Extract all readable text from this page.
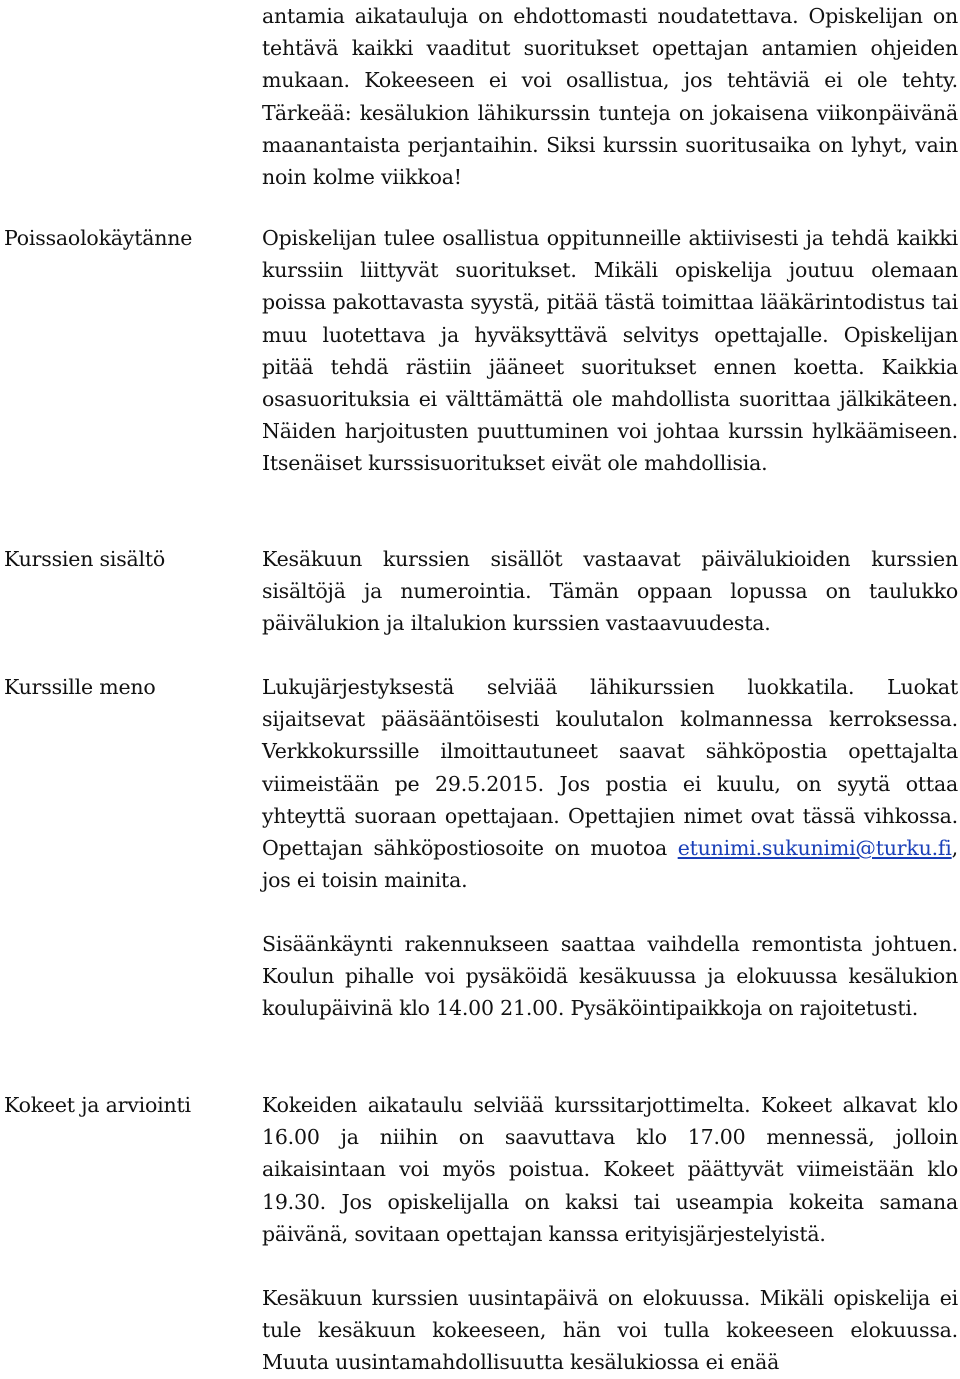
antamia aikatauluja on ehdottomasti noudatettava. Opiskelijan on tehtävä kaikki vaaditut suoritukset opettajan antamien ohjeiden mukaan. Kokeeseen ei voi osallistua, jos tehtäviä ei ole tehty. Tärkeää: kesälukion lähikurssin tunteja on jokaisena viikonpäivänä maanantaista perjantaihin. Siksi kurssin suoritusaika on lyhyt, vain noin kolme viikkoa!
Poissaolokäytänne	Opiskelijan tulee osallistua oppitunneille aktiivisesti ja tehdä kaikki kurssiin liittyvät suoritukset. Mikäli opiskelija joutuu olemaan poissa pakottavasta syystä, pitää tästä toimittaa lääkärintodistus tai muu luotettava ja hyväksyttävä selvitys opettajalle. Opiskelijan pitää tehdä rästiin jääneet suoritukset ennen koetta. Kaikkia osasuorituksia ei välttämättä ole mahdollista suorittaa jälkikäteen. Näiden harjoitusten puuttuminen voi johtaa kurssin hylkäämiseen. Itsenäiset kurssisuoritukset eivät ole mahdollisia.
Kurssien sisältö	Kesäkuun kurssien sisällöt vastaavat päivälukioiden kurssien sisältöjä ja numerointia. Tämän oppaan lopussa on taulukko päivälukion ja iltalukion kurssien vastaavuudesta.
Kurssille meno	Lukujärjestyksestä selviää lähikurssien luokkatila. Luokat sijaitsevat pääsääntöisesti koulutalon kolmannessa kerroksessa. Verkkokurssille ilmoittautuneet saavat sähköpostia opettajalta viimeistään pe 29.5.2015. Jos postia ei kuulu, on syytä ottaa yhteyttä suoraan opettajaan. Opettajien nimet ovat tässä vihkossa. Opettajan sähköpostiosoite on muotoa etunimi.sukunimi@turku.fi, jos ei toisin mainita.
Sisäänkäynti rakennukseen saattaa vaihdella remontista johtuen. Koulun pihalle voi pysäköidä kesäkuussa ja elokuussa kesälukion koulupäivinä klo 14.00 21.00. Pysäköintipaikkoja on rajoitetusti.
Kokeet ja arviointi	Kokeiden aikataulu selviää kurssitarjottimelta. Kokeet alkavat klo 16.00 ja niihin on saavuttava klo 17.00 mennessä, jolloin aikaisintaan voi myös poistua. Kokeet päättyvät viimeistään klo 19.30. Jos opiskelijalla on kaksi tai useampia kokeita samana päivänä, sovitaan opettajan kanssa erityisjärjestelyistä.
Kesäkuun kurssien uusintapäivä on elokuussa. Mikäli opiskelija ei tule kesäkuun kokeeseen, hän voi tulla kokeeseen elokuussa. Muuta uusintamahdollisuutta kesälukiossa ei enää
